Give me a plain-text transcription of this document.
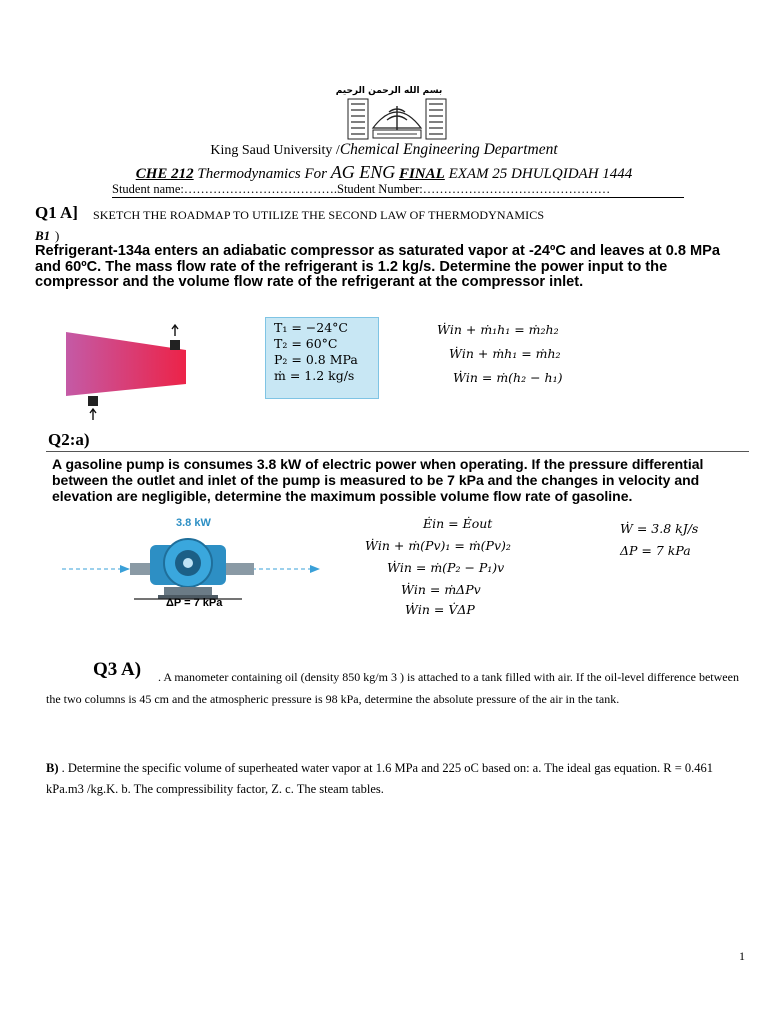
بسم الله الرحمن الرحيم
King Saud University /Chemical Engineering Department
CHE 212 Thermodynamics For AG ENG FINAL EXAM 25 DHULQIDAH 1444
Student name:……………………………….Student Number:………………………………………
Q1 A] SKETCH THE ROADMAP TO UTILIZE THE SECOND LAW OF THERMODYNAMICS
B1 )
Refrigerant-134a enters an adiabatic compressor as saturated vapor at -24ºC and leaves at 0.8 MPa and 60ºC. The mass flow rate of the refrigerant is 1.2 kg/s. Determine the power input to the compressor and the volume flow rate of the refrigerant at the compressor inlet.
T₁ = −24°C
T₂ = 60°C
P₂ = 0.8 MPa
ṁ = 1.2 kg/s
Ẇin + ṁ₁h₁ = ṁ₂h₂
Ẇin + ṁh₁ = ṁh₂
Ẇin = ṁ(h₂ − h₁)
Q2:a)
A gasoline pump is consumes 3.8 kW of electric power when operating. If the pressure differential between the outlet and inlet of the pump is measured to be 7 kPa and the changes in velocity and elevation are negligible, determine the maximum possible volume flow rate of gasoline.
3.8 kW
ΔP = 7 kPa
Ėin = Ėout
Ẇin + ṁ(Pv)₁ = ṁ(Pv)₂
Ẇin = ṁ(P₂ − P₁)v
Ẇin = ṁΔPv
Ẇin = V̇ΔP
Ẇ = 3.8 kJ/s
ΔP = 7 kPa
Q3 A)	. A manometer containing oil (density 850 kg/m 3 ) is attached to a tank filled with air. If the oil-level difference between the two columns is 45 cm and the atmospheric pressure is 98 kPa, determine the absolute pressure of the air in the tank.
B) . Determine the specific volume of superheated water vapor at 1.6 MPa and 225 oC based on: a. The ideal gas equation. R = 0.461 kPa.m3 /kg.K. b. The compressibility factor, Z. c. The steam tables.
1
